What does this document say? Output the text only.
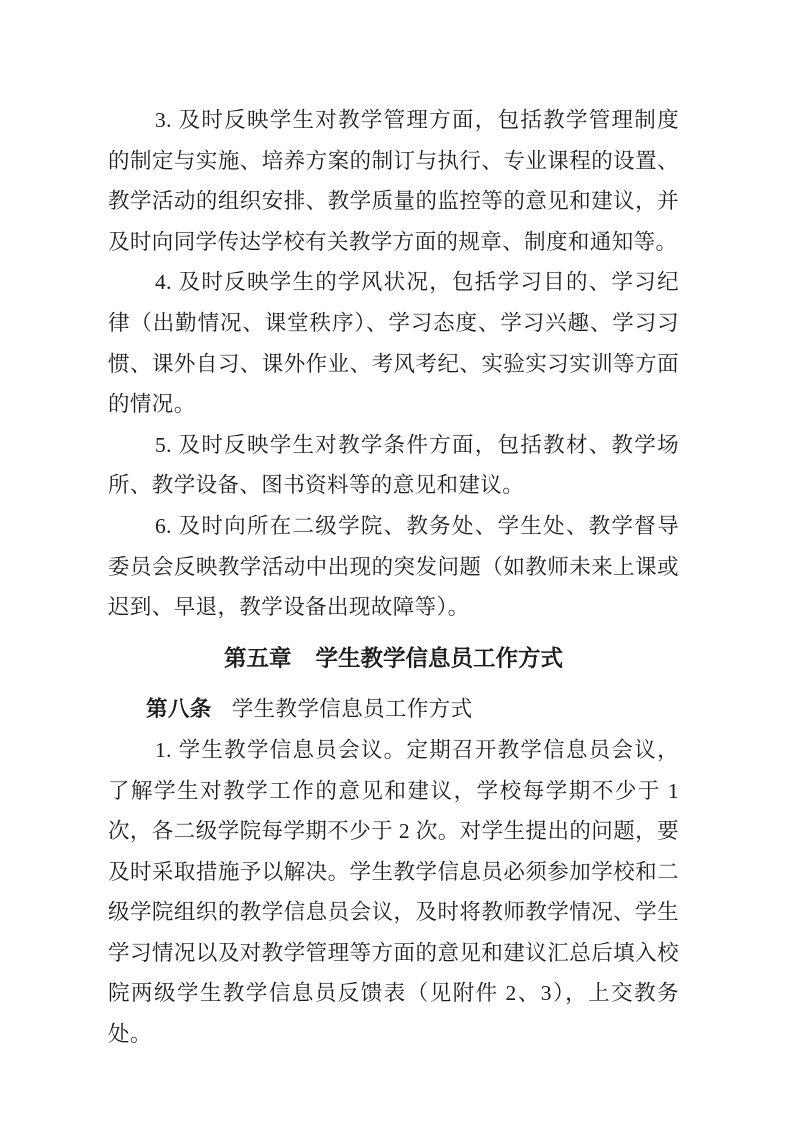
3. 及时反映学生对教学管理方面，包括教学管理制度的制定与实施、培养方案的制订与执行、专业课程的设置、教学活动的组织安排、教学质量的监控等的意见和建议，并及时向同学传达学校有关教学方面的规章、制度和通知等。

4. 及时反映学生的学风状况，包括学习目的、学习纪律（出勤情况、课堂秩序）、学习态度、学习兴趣、学习习惯、课外自习、课外作业、考风考纪、实验实习实训等方面的情况。

5. 及时反映学生对教学条件方面，包括教材、教学场所、教学设备、图书资料等的意见和建议。

6. 及时向所在二级学院、教务处、学生处、教学督导委员会反映教学活动中出现的突发问题（如教师未来上课或迟到、早退，教学设备出现故障等）。

第五章 学生教学信息员工作方式

第八条 学生教学信息员工作方式

1. 学生教学信息员会议。定期召开教学信息员会议，了解学生对教学工作的意见和建议，学校每学期不少于 1 次，各二级学院每学期不少于 2 次。对学生提出的问题，要及时采取措施予以解决。学生教学信息员必须参加学校和二级学院组织的教学信息员会议，及时将教师教学情况、学生学习情况以及对教学管理等方面的意见和建议汇总后填入校院两级学生教学信息员反馈表（见附件 2、3），上交教务处。
